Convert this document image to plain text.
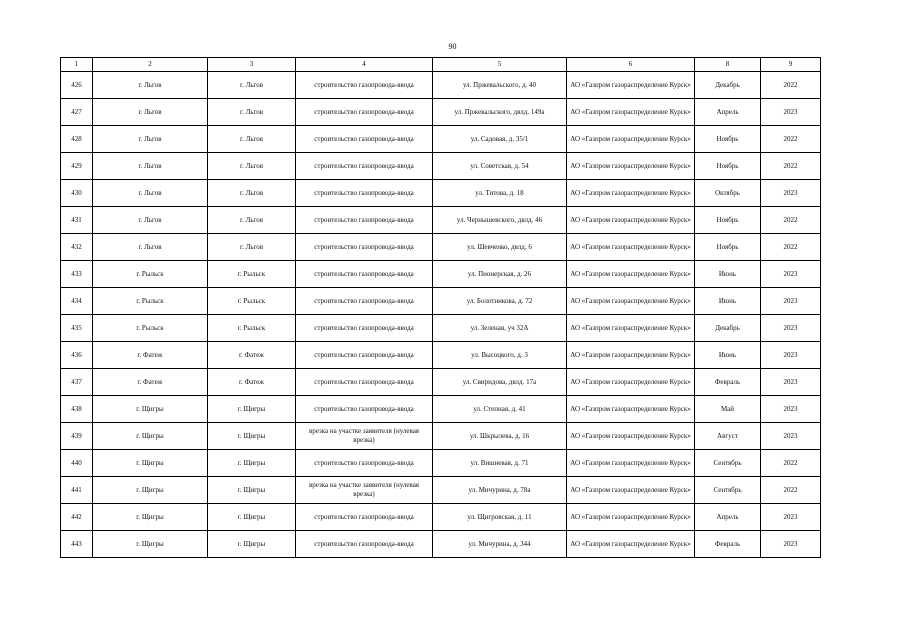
90
1	2	3	4	5	6	8	9
426	г. Льгов	г. Льгов	строительство газопровода-ввода	ул. Пржевальского, д. 40	АО «Газпром газораспределение Курск»	Декабрь	2022
427	г. Льгов	г. Льгов	строительство газопровода-ввода	ул. Пржевальского, двлд. 149а	АО «Газпром газораспределение Курск»	Апрель	2023
428	г. Льгов	г. Льгов	строительство газопровода-ввода	ул. Садовая, д. 35/1	АО «Газпром газораспределение Курск»	Ноябрь	2022
429	г. Льгов	г. Льгов	строительство газопровода-ввода	ул. Советская, д. 54	АО «Газпром газораспределение Курск»	Ноябрь	2022
430	г. Льгов	г. Льгов	строительство газопровода-ввода	ул. Титова, д. 18	АО «Газпром газораспределение Курск»	Октябрь	2023
431	г. Льгов	г. Льгов	строительство газопровода-ввода	ул. Чернышевского, двлд. 46	АО «Газпром газораспределение Курск»	Ноябрь	2022
432	г. Льгов	г. Льгов	строительство газопровода-ввода	ул. Шевченко, двлд. 6	АО «Газпром газораспределение Курск»	Ноябрь	2022
433	г. Рыльск	г. Рыльск	строительство газопровода-ввода	ул. Пионерская, д. 26	АО «Газпром газораспределение Курск»	Июнь	2023
434	г. Рыльск	г. Рыльск	строительство газопровода-ввода	ул. Болотникова, д. 72	АО «Газпром газораспределение Курск»	Июнь	2023
435	г. Рыльск	г. Рыльск	строительство газопровода-ввода	ул. Зеленая, уч 32А	АО «Газпром газораспределение Курск»	Декабрь	2023
436	г. Фатеж	г. Фатеж	строительство газопровода-ввода	ул. Высоцкого, д. 3	АО «Газпром газораспределение Курск»	Июнь	2023
437	г. Фатеж	г. Фатеж	строительство газопровода-ввода	ул. Свиридова, двлд. 17а	АО «Газпром газораспределение Курск»	Февраль	2023
438	г. Щигры	г. Щигры	строительство газопровода-ввода	ул. Степная, д. 41	АО «Газпром газораспределение Курск»	Май	2023
439	г. Щигры	г. Щигры	врезка на участке заявителя (нулевая врезка)	ул. Шкрылева, д. 16	АО «Газпром газораспределение Курск»	Август	2023
440	г. Щигры	г. Щигры	строительство газопровода-ввода	ул. Вишневая, д. 71	АО «Газпром газораспределение Курск»	Сентябрь	2022
441	г. Щигры	г. Щигры	врезка на участке заявителя (нулевая врезка)	ул. Мичурина, д. 78а	АО «Газпром газораспределение Курск»	Сентябрь	2022
442	г. Щигры	г. Щигры	строительство газопровода-ввода	ул. Щигровская, д. 11	АО «Газпром газораспределение Курск»	Апрель	2023
443	г. Щигры	г. Щигры	строительство газопровода-ввода	ул. Мичурина, д. 344	АО «Газпром газораспределение Курск»	Февраль	2023
